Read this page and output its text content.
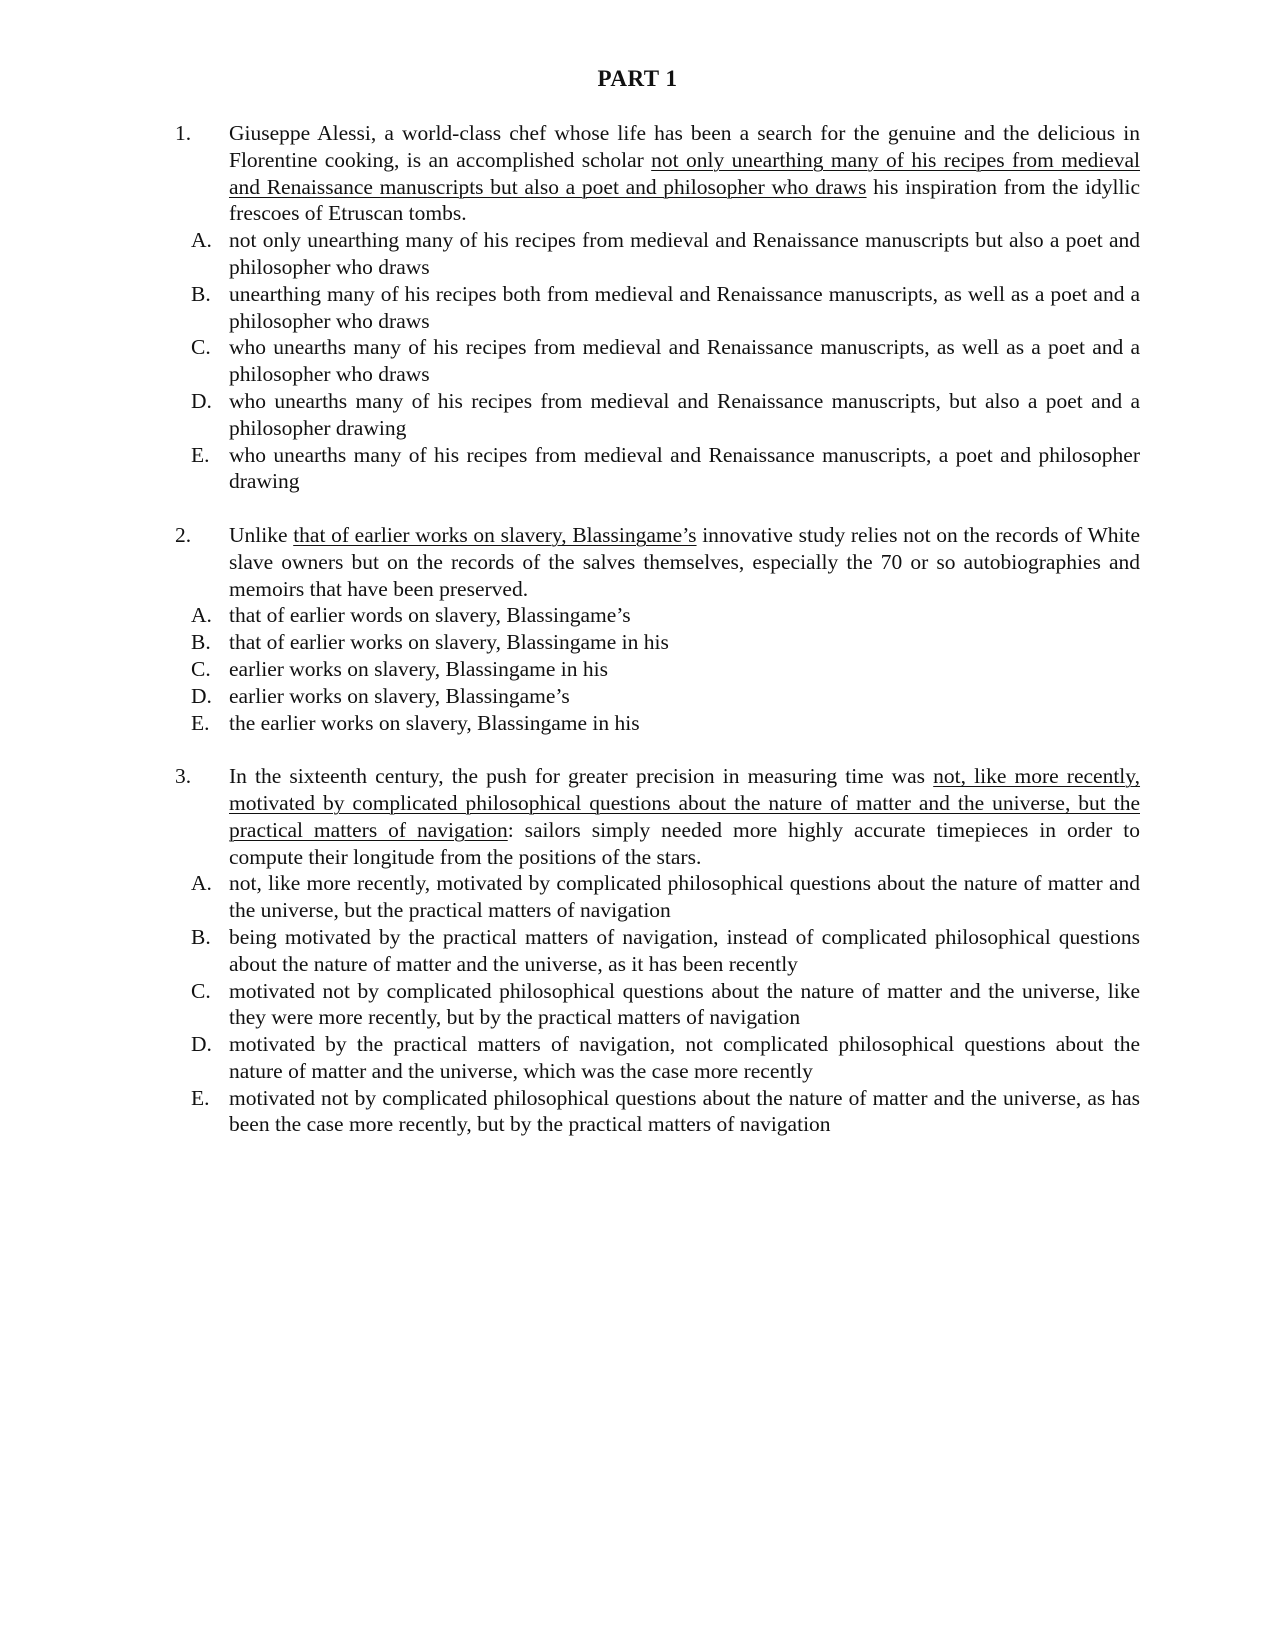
PART 1
1. Giuseppe Alessi, a world-class chef whose life has been a search for the genuine and the delicious in Florentine cooking, is an accomplished scholar not only unearthing many of his recipes from medieval and Renaissance manuscripts but also a poet and philosopher who draws his inspiration from the idyllic frescoes of Etruscan tombs.
A. not only unearthing many of his recipes from medieval and Renaissance manuscripts but also a poet and philosopher who draws
B. unearthing many of his recipes both from medieval and Renaissance manuscripts, as well as a poet and a philosopher who draws
C. who unearths many of his recipes from medieval and Renaissance manuscripts, as well as a poet and a philosopher who draws
D. who unearths many of his recipes from medieval and Renaissance manuscripts, but also a poet and a philosopher drawing
E. who unearths many of his recipes from medieval and Renaissance manuscripts, a poet and philosopher drawing
2. Unlike that of earlier works on slavery, Blassingame’s innovative study relies not on the records of White slave owners but on the records of the salves themselves, especially the 70 or so autobiographies and memoirs that have been preserved.
A. that of earlier words on slavery, Blassingame’s
B. that of earlier works on slavery, Blassingame in his
C. earlier works on slavery, Blassingame in his
D. earlier works on slavery, Blassingame’s
E. the earlier works on slavery, Blassingame in his
3. In the sixteenth century, the push for greater precision in measuring time was not, like more recently, motivated by complicated philosophical questions about the nature of matter and the universe, but the practical matters of navigation: sailors simply needed more highly accurate timepieces in order to compute their longitude from the positions of the stars.
A. not, like more recently, motivated by complicated philosophical questions about the nature of matter and the universe, but the practical matters of navigation
B. being motivated by the practical matters of navigation, instead of complicated philosophical questions about the nature of matter and the universe, as it has been recently
C. motivated not by complicated philosophical questions about the nature of matter and the universe, like they were more recently, but by the practical matters of navigation
D. motivated by the practical matters of navigation, not complicated philosophical questions about the nature of matter and the universe, which was the case more recently
E. motivated not by complicated philosophical questions about the nature of matter and the universe, as has been the case more recently, but by the practical matters of navigation
